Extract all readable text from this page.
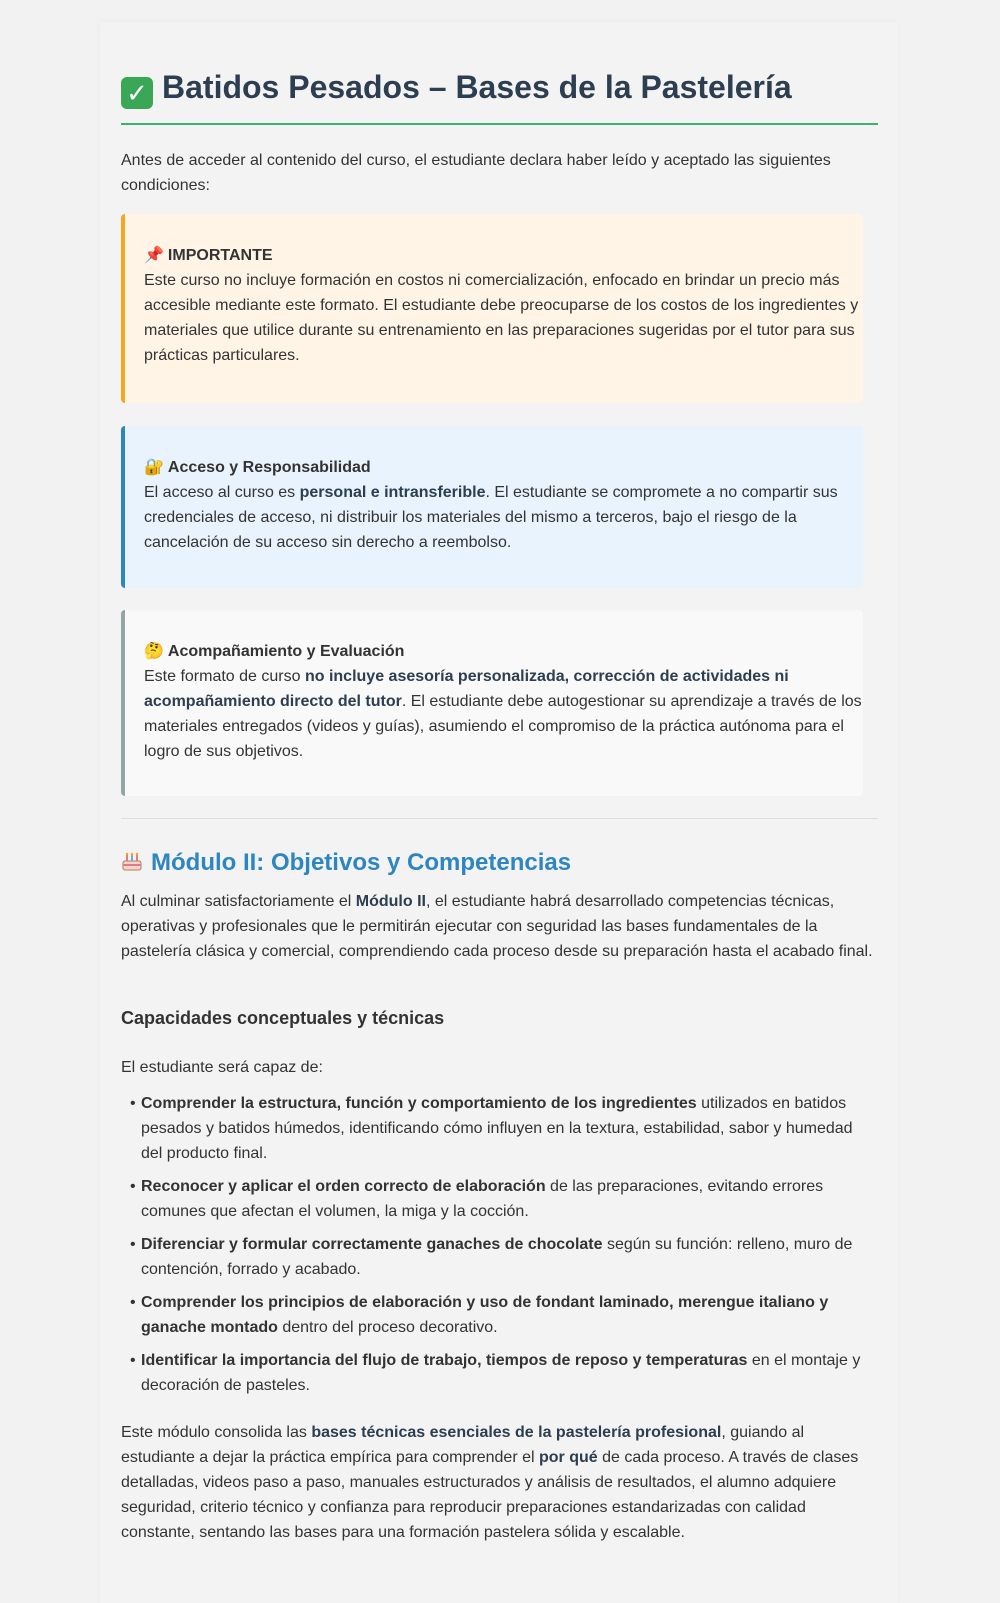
✓ Batidos Pesados – Bases de la Pastelería

Antes de acceder al contenido del curso, el estudiante declara haber leído y aceptado las siguientes condiciones:

📌 IMPORTANTE
Este curso no incluye formación en costos ni comercialización, enfocado en brindar un precio más accesible mediante este formato. El estudiante debe preocuparse de los costos de los ingredientes y materiales que utilice durante su entrenamiento en las preparaciones sugeridas por el tutor para sus prácticas particulares.

🔐 Acceso y Responsabilidad
El acceso al curso es personal e intransferible. El estudiante se compromete a no compartir sus credenciales de acceso, ni distribuir los materiales del mismo a terceros, bajo el riesgo de la cancelación de su acceso sin derecho a reembolso.

🤔 Acompañamiento y Evaluación
Este formato de curso no incluye asesoría personalizada, corrección de actividades ni acompañamiento directo del tutor. El estudiante debe autogestionar su aprendizaje a través de los materiales entregados (videos y guías), asumiendo el compromiso de la práctica autónoma para el logro de sus objetivos.

Módulo II: Objetivos y Competencias

Al culminar satisfactoriamente el Módulo II, el estudiante habrá desarrollado competencias técnicas, operativas y profesionales que le permitirán ejecutar con seguridad las bases fundamentales de la pastelería clásica y comercial, comprendiendo cada proceso desde su preparación hasta el acabado final.

Capacidades conceptuales y técnicas

El estudiante será capaz de:

• Comprender la estructura, función y comportamiento de los ingredientes utilizados en batidos pesados y batidos húmedos, identificando cómo influyen en la textura, estabilidad, sabor y humedad del producto final.
• Reconocer y aplicar el orden correcto de elaboración de las preparaciones, evitando errores comunes que afectan el volumen, la miga y la cocción.
• Diferenciar y formular correctamente ganaches de chocolate según su función: relleno, muro de contención, forrado y acabado.
• Comprender los principios de elaboración y uso de fondant laminado, merengue italiano y ganache montado dentro del proceso decorativo.
• Identificar la importancia del flujo de trabajo, tiempos de reposo y temperaturas en el montaje y decoración de pasteles.

Este módulo consolida las bases técnicas esenciales de la pastelería profesional, guiando al estudiante a dejar la práctica empírica para comprender el por qué de cada proceso. A través de clases detalladas, videos paso a paso, manuales estructurados y análisis de resultados, el alumno adquiere seguridad, criterio técnico y confianza para reproducir preparaciones estandarizadas con calidad constante, sentando las bases para una formación pastelera sólida y escalable.
